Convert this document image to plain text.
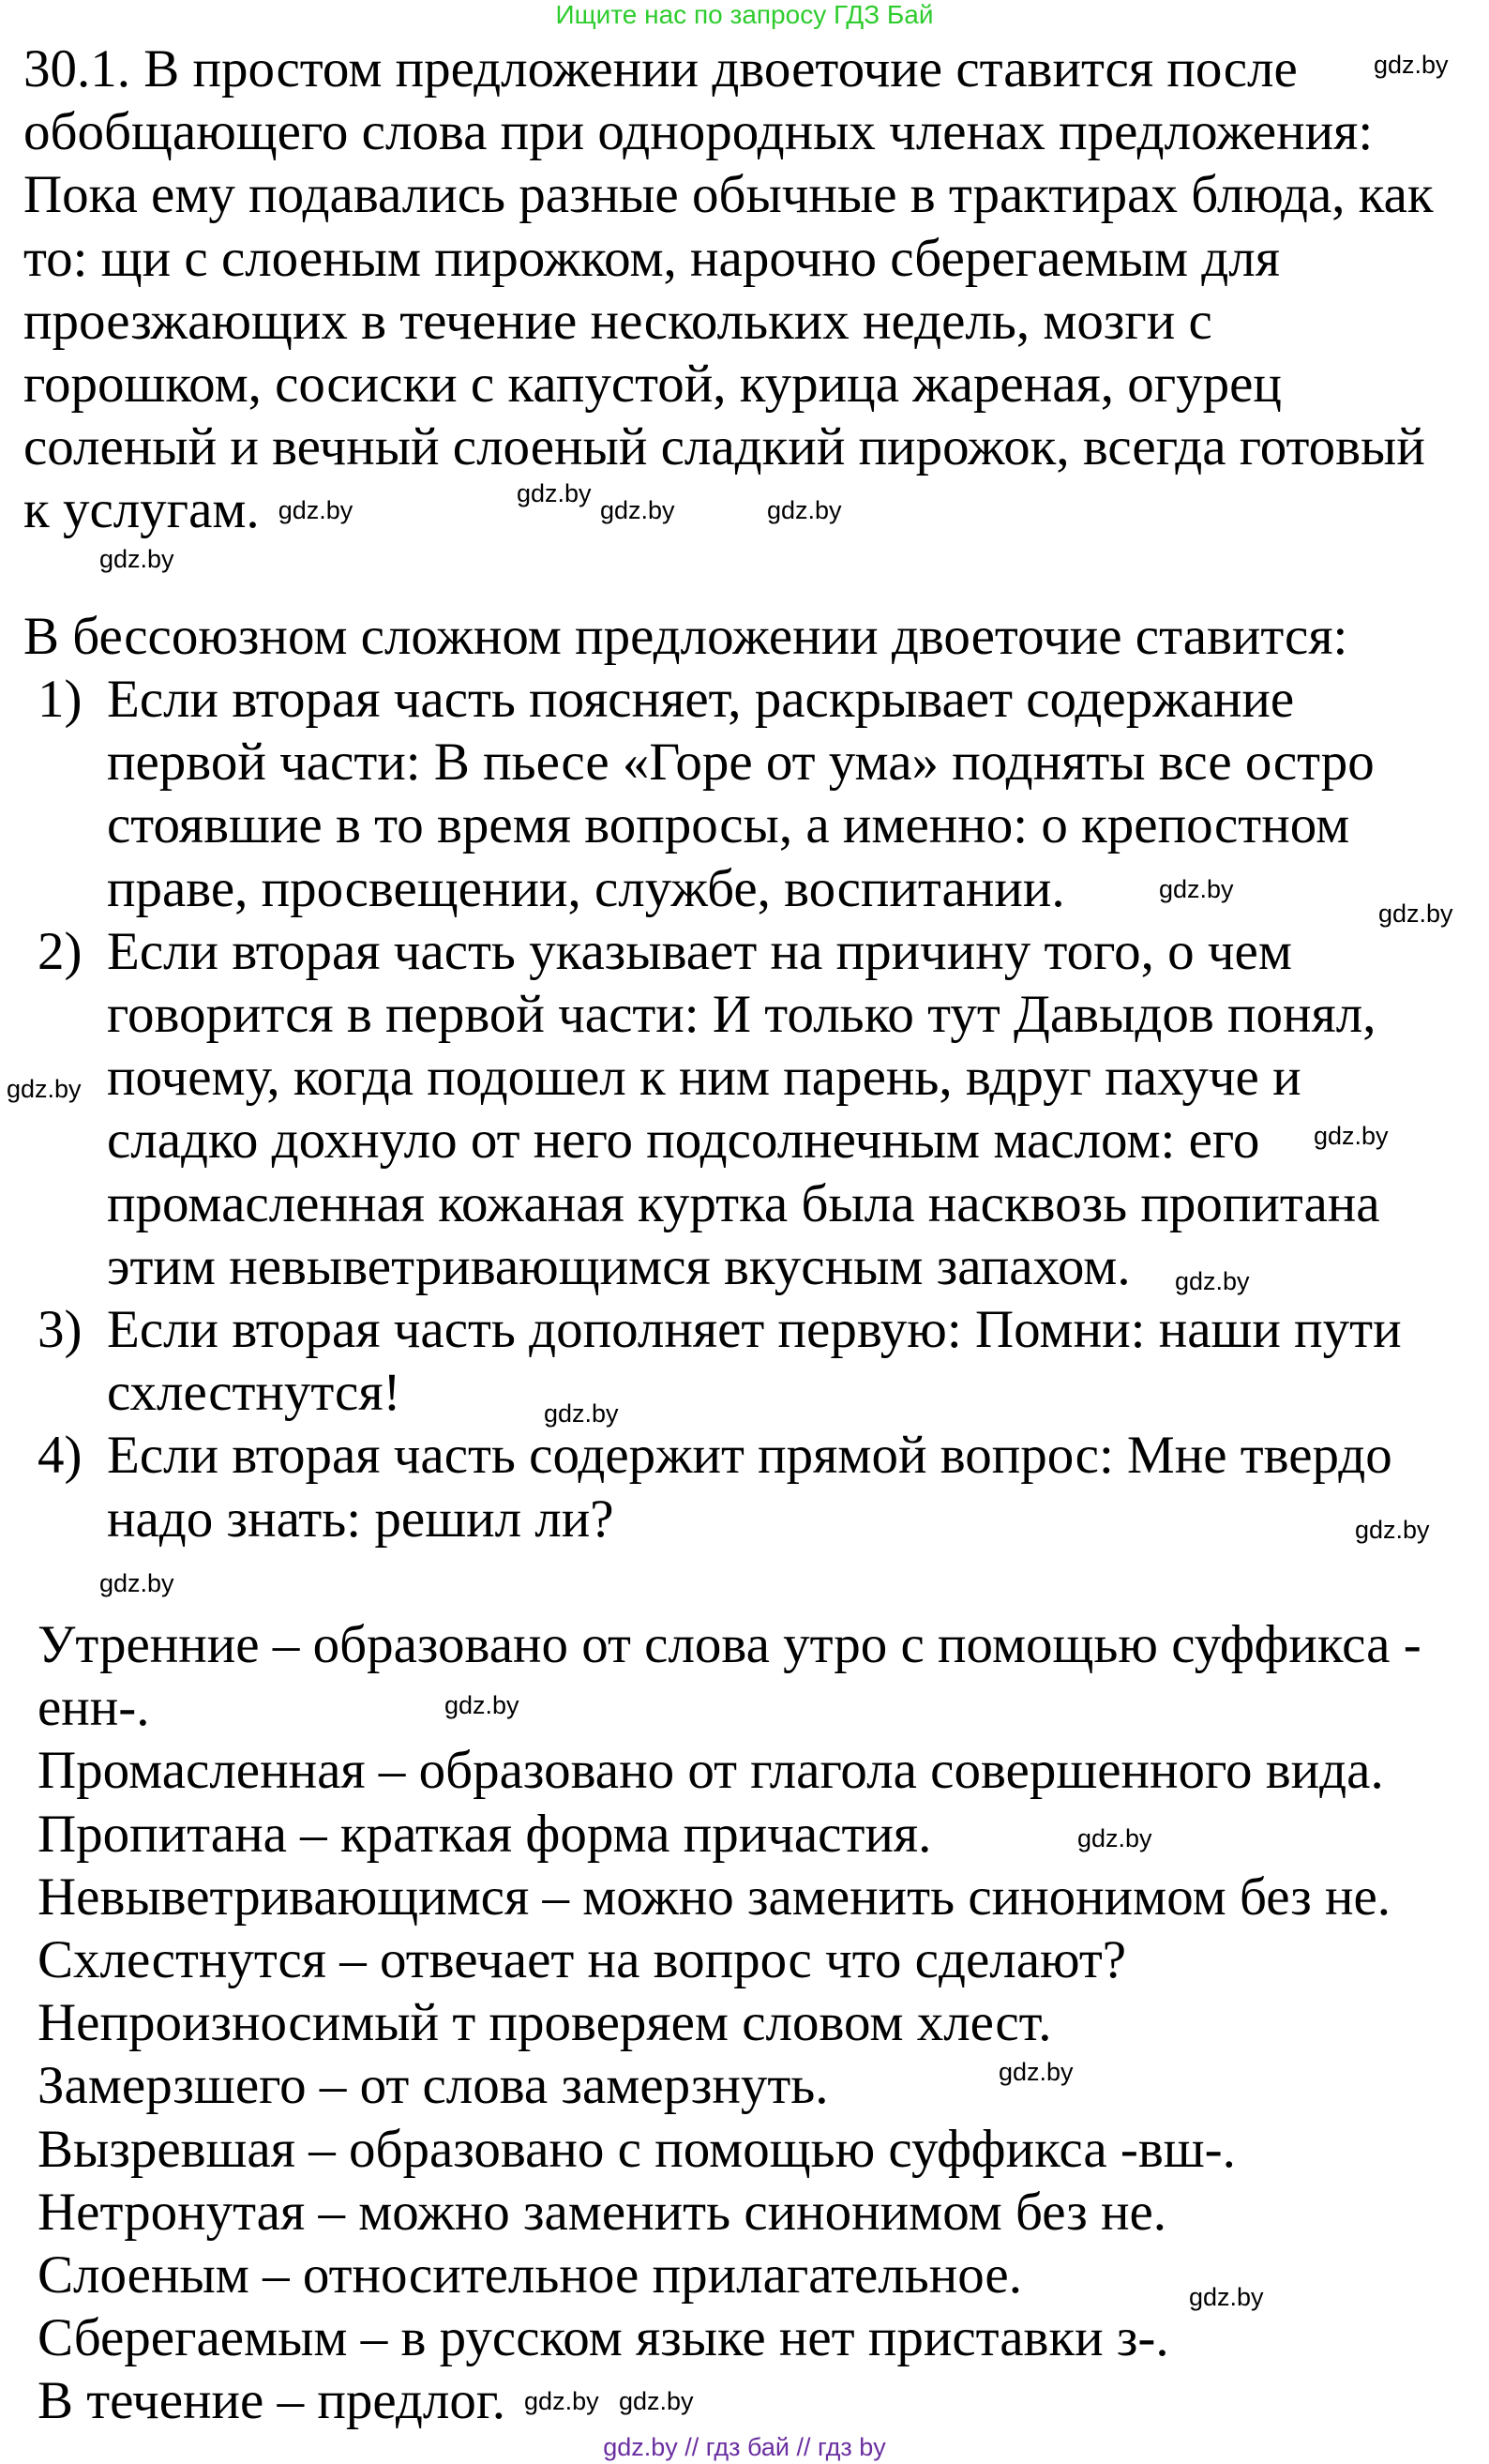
Ищите нас по запросу ГДЗ Бай
30.1. В простом предложении двоеточие ставится после
обобщающего слова при однородных членах предложения:
Пока ему подавались разные обычные в трактирах блюда, как
то: щи с слоеным пирожком, нарочно сберегаемым для
проезжающих в течение нескольких недель, мозги с
горошком, сосиски с капустой, курица жареная, огурец
соленый и вечный слоеный сладкий пирожок, всегда готовый
к услугам.
В бессоюзном сложном предложении двоеточие ставится:
1) Если вторая часть поясняет, раскрывает содержание
первой части: В пьесе «Горе от ума» подняты все остро
стоявшие в то время вопросы, а именно: о крепостном
праве, просвещении, службе, воспитании.
2) Если вторая часть указывает на причину того, о чем
говорится в первой части: И только тут Давыдов понял,
почему, когда подошел к ним парень, вдруг пахуче и
сладко дохнуло от него подсолнечным маслом: его
промасленная кожаная куртка была насквозь пропитана
этим невыветривающимся вкусным запахом.
3) Если вторая часть дополняет первую: Помни: наши пути
схлестнутся!
4) Если вторая часть содержит прямой вопрос: Мне твердо
надо знать: решил ли?
Утренние – образовано от слова утро с помощью суффикса -
енн-.
Промасленная – образовано от глагола совершенного вида.
Пропитана – краткая форма причастия.
Невыветривающимся – можно заменить синонимом без не.
Схлестнутся – отвечает на вопрос что сделают?
Непроизносимый т проверяем словом хлест.
Замерзшего – от слова замерзнуть.
Вызревшая – образовано с помощью суффикса -вш-.
Нетронутая – можно заменить синонимом без не.
Слоеным – относительное прилагательное.
Сберегаемым – в русском языке нет приставки з-.
В течение – предлог.
gdz.by
gdz.by	gdz.by
gdz.by
gdz.by
gdz.by
gdz.by
gdz.by
gdz.by
gdz.by
gdz.by
gdz.by
gdz.by
gdz.by
gdz.by
gdz.by
gdz.by
gdz.by
gdz.by gdz.by
gdz.by // гдз бай // гдз by
